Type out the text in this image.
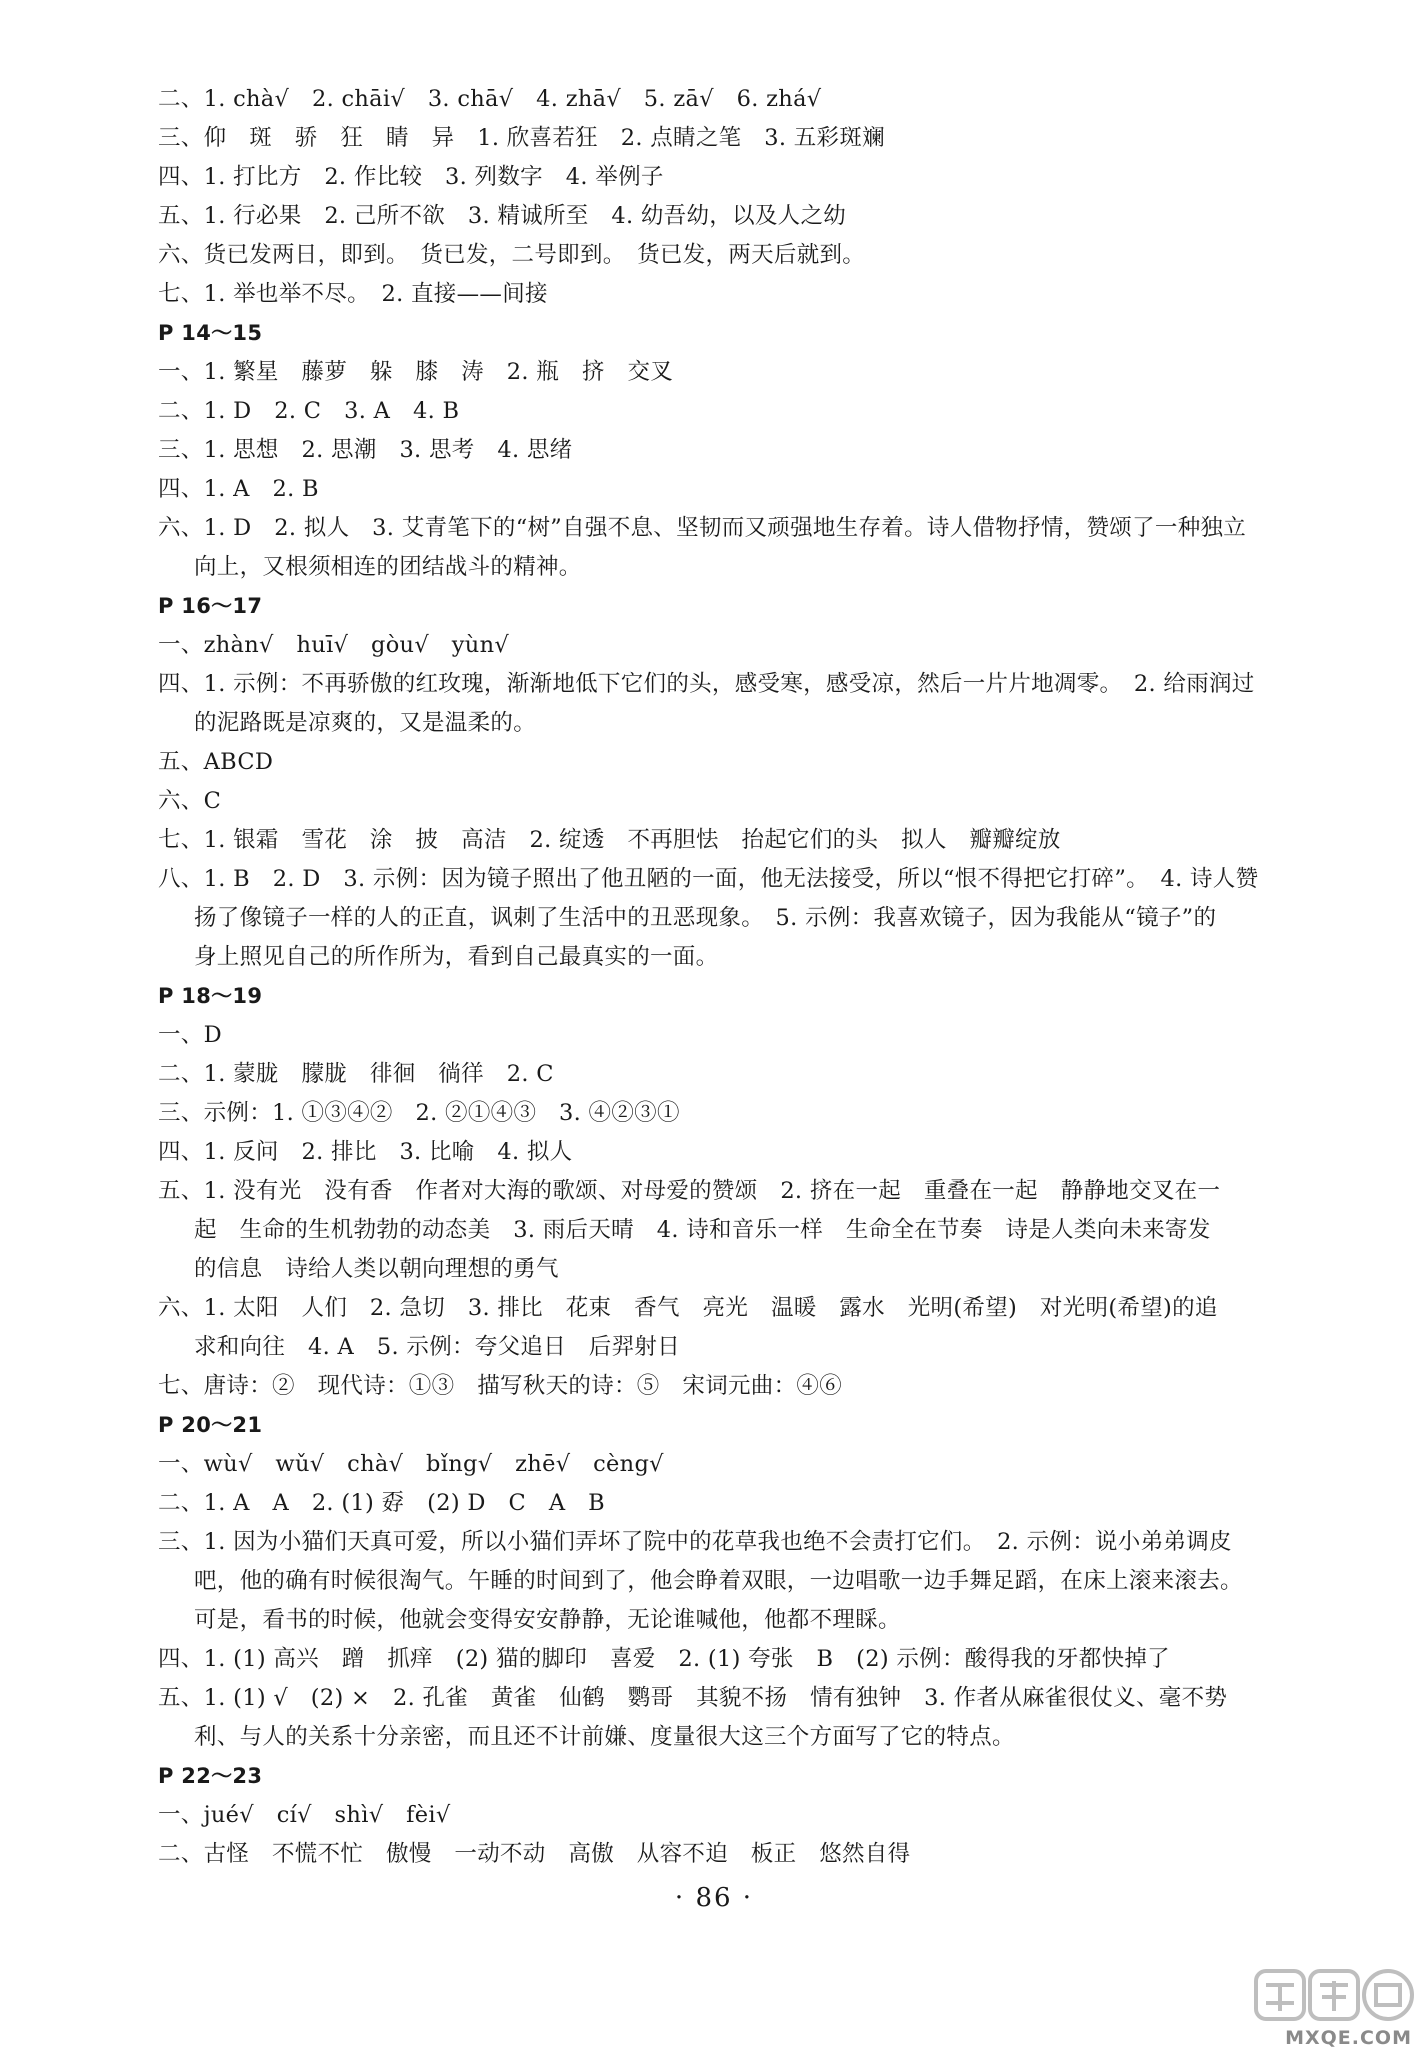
二、1. chà√　2. chāi√　3. chā√　4. zhā√　5. zā√　6. zhá√
三、仰　斑　骄　狂　睛　异　1. 欣喜若狂　2. 点睛之笔　3. 五彩斑斓
四、1. 打比方　2. 作比较　3. 列数字　4. 举例子
五、1. 行必果　2. 己所不欲　3. 精诚所至　4. 幼吾幼，以及人之幼
六、货已发两日，即到。　货已发，二号即到。　货已发，两天后就到。
七、1. 举也举不尽。　2. 直接——间接
P 14～15
一、1. 繁星　藤萝　躲　膝　涛　2. 瓶　挤　交叉
二、1. D　2. C　3. A　4. B
三、1. 思想　2. 思潮　3. 思考　4. 思绪
四、1. A　2. B
六、1. D　2. 拟人　3. 艾青笔下的“树”自强不息、坚韧而又顽强地生存着。诗人借物抒情，赞颂了一种独立
向上，又根须相连的团结战斗的精神。
P 16～17
一、zhàn√　huī√　gòu√　yùn√
四、1. 示例：不再骄傲的红玫瑰，渐渐地低下它们的头，感受寒，感受凉，然后一片片地凋零。　2. 给雨润过
的泥路既是凉爽的，又是温柔的。
五、ABCD
六、C
七、1. 银霜　雪花　涂　披　高洁　2. 绽透　不再胆怯　抬起它们的头　拟人　瓣瓣绽放
八、1. B　2. D　3. 示例：因为镜子照出了他丑陋的一面，他无法接受，所以“恨不得把它打碎”。　4. 诗人赞
扬了像镜子一样的人的正直，讽刺了生活中的丑恶现象。　5. 示例：我喜欢镜子，因为我能从“镜子”的
身上照见自己的所作所为，看到自己最真实的一面。
P 18～19
一、D
二、1. 蒙胧　朦胧　徘徊　徜徉　2. C
三、示例：1. ①③④②　2. ②①④③　3. ④②③①
四、1. 反问　2. 排比　3. 比喻　4. 拟人
五、1. 没有光　没有香　作者对大海的歌颂、对母爱的赞颂　2. 挤在一起　重叠在一起　静静地交叉在一
起　生命的生机勃勃的动态美　3. 雨后天晴　4. 诗和音乐一样　生命全在节奏　诗是人类向未来寄发
的信息　诗给人类以朝向理想的勇气
六、1. 太阳　人们　2. 急切　3. 排比　花束　香气　亮光　温暖　露水　光明(希望)　对光明(希望)的追
求和向往　4. A　5. 示例：夸父追日　后羿射日
七、唐诗：②　现代诗：①③　描写秋天的诗：⑤　宋词元曲：④⑥
P 20～21
一、wù√　wǔ√　chà√　bǐng√　zhē√　cèng√
二、1. A　A　2. (1) 孬　(2) D　C　A　B
三、1. 因为小猫们天真可爱，所以小猫们弄坏了院中的花草我也绝不会责打它们。　2. 示例：说小弟弟调皮
吧，他的确有时候很淘气。午睡的时间到了，他会睁着双眼，一边唱歌一边手舞足蹈，在床上滚来滚去。
可是，看书的时候，他就会变得安安静静，无论谁喊他，他都不理睬。
四、1. (1) 高兴　蹭　抓痒　(2) 猫的脚印　喜爱　2. (1) 夸张　B　(2) 示例：酸得我的牙都快掉了
五、1. (1) √　(2) ×　2. 孔雀　黄雀　仙鹤　鹦哥　其貌不扬　情有独钟　3. 作者从麻雀很仗义、毫不势
利、与人的关系十分亲密，而且还不计前嫌、度量很大这三个方面写了它的特点。
P 22～23
一、jué√　cí√　shì√　fèi√
二、古怪　不慌不忙　傲慢　一动不动　高傲　从容不迫　板正　悠然自得
· 86 ·
MXQE.COM
